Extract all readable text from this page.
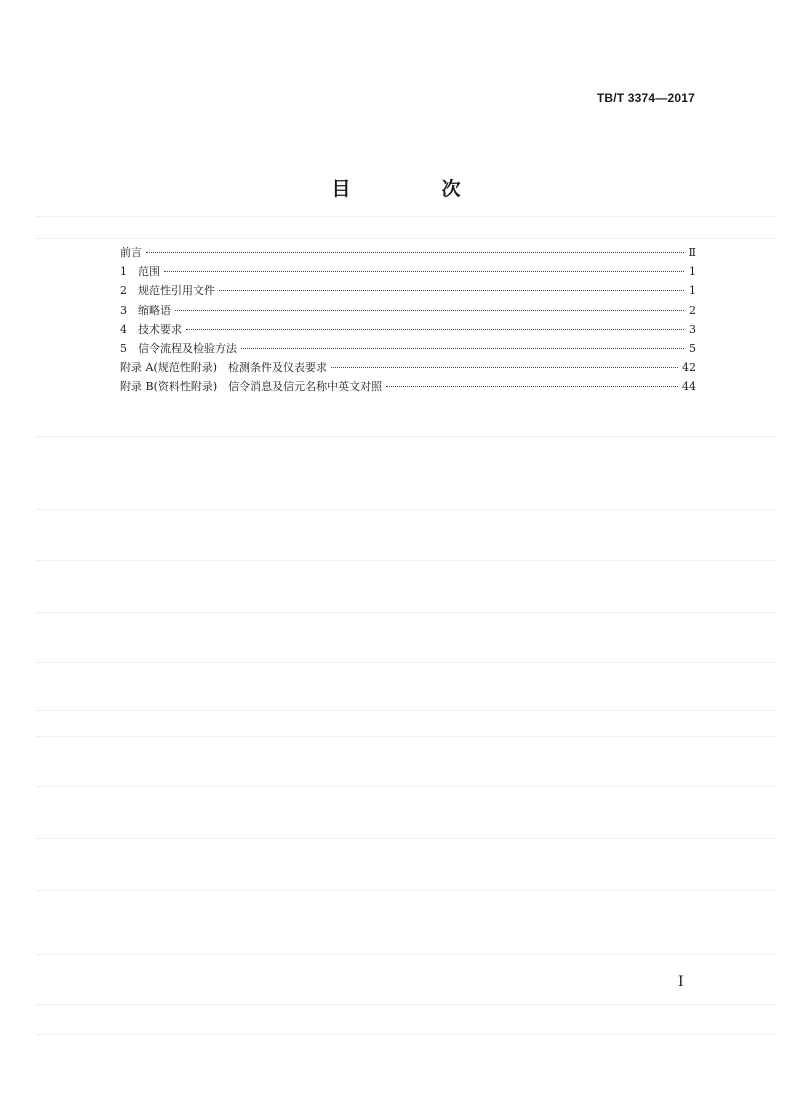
TB/T 3374—2017
目　次
前言	Ⅱ
1　范围	1
2　规范性引用文件	1
3　缩略语	2
4　技术要求	3
5　信令流程及检验方法	5
附录 A(规范性附录)　检测条件及仪表要求	42
附录 B(资料性附录)　信令消息及信元名称中英文对照	44
Ⅰ
